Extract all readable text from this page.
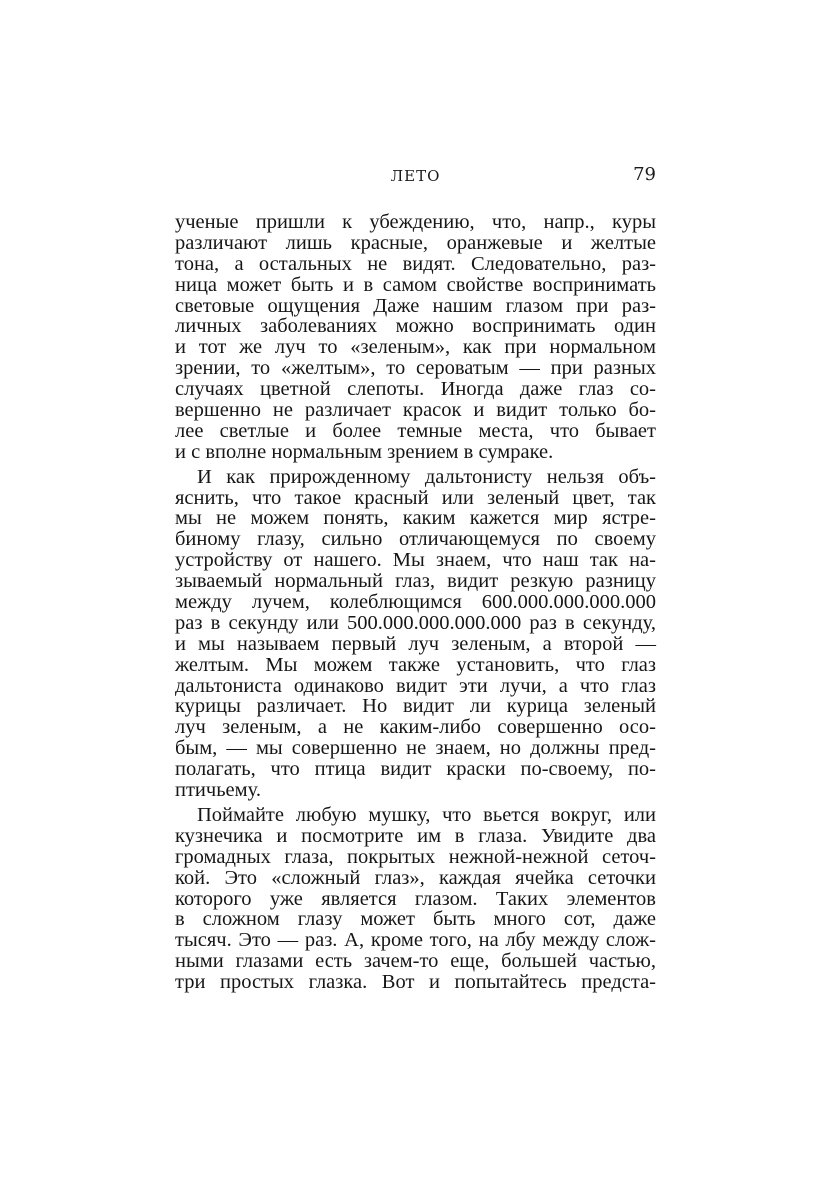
ЛЕТО	79
ученые пришли к убеждению, что, напр., куры
различают лишь красные, оранжевые и желтые
тона, а остальных не видят. Следовательно, раз-
ница может быть и в самом свойстве воспринимать
световые ощущения Даже нашим глазом при раз-
личных заболеваниях можно воспринимать один
и тот же луч то «зеленым», как при нормальном
зрении, то «желтым», то сероватым — при разных
случаях цветной слепоты. Иногда даже глаз со-
вершенно не различает красок и видит только бо-
лее светлые и более темные места, что бывает
и с вполне нормальным зрением в сумраке.
И как прирожденному дальтонисту нельзя объ-
яснить, что такое красный или зеленый цвет, так
мы не можем понять, каким кажется мир ястре-
биному глазу, сильно отличающемуся по своему
устройству от нашего. Мы знаем, что наш так на-
зываемый нормальный глаз, видит резкую разницу
между лучем, колеблющимся 600.000.000.000.000
раз в секунду или 500.000.000.000.000 раз в секунду,
и мы называем первый луч зеленым, а второй —
желтым. Мы можем также установить, что глаз
дальтониста одинаково видит эти лучи, а что глаз
курицы различает. Но видит ли курица зеленый
луч зеленым, а не каким-либо совершенно осо-
бым, — мы совершенно не знаем, но должны пред-
полагать, что птица видит краски по-своему, по-
птичьему.
Поймайте любую мушку, что вьется вокруг, или
кузнечика и посмотрите им в глаза. Увидите два
громадных глаза, покрытых нежной-нежной сеточ-
кой. Это «сложный глаз», каждая ячейка сеточки
которого уже является глазом. Таких элементов
в сложном глазу может быть много сот, даже
тысяч. Это — раз. А, кроме того, на лбу между слож-
ными глазами есть зачем-то еще, большей частью,
три простых глазка. Вот и попытайтесь предста-
